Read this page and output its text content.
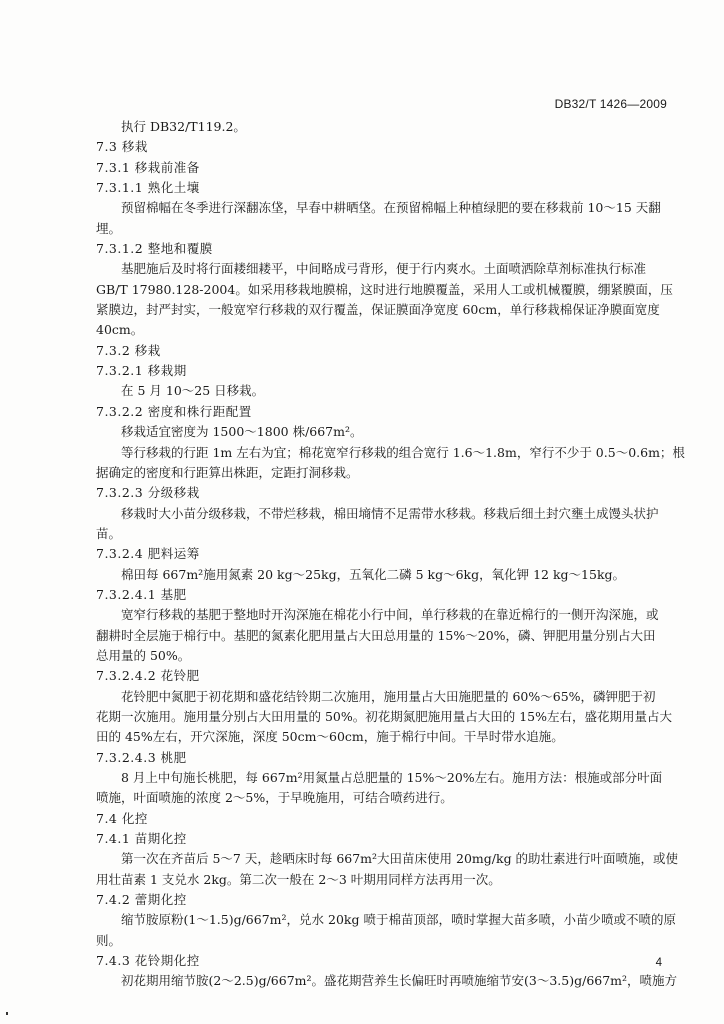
DB32/T 1426—2009
执行 DB32/T119.2。
7.3 移栽
7.3.1 移栽前准备
7.3.1.1 熟化土壤
预留棉幅在冬季进行深翻冻垡，早春中耕晒垡。在预留棉幅上种植绿肥的要在移栽前 10～15 天翻
埋。
7.3.1.2 整地和覆膜
基肥施后及时将行面耧细耧平，中间略成弓背形，便于行内爽水。土面喷洒除草剂标准执行标准
GB/T 17980.128-2004。如采用移栽地膜棉，这时进行地膜覆盖，采用人工或机械覆膜，绷紧膜面，压
紧膜边，封严封实，一般宽窄行移栽的双行覆盖，保证膜面净宽度 60cm，单行移栽棉保证净膜面宽度
40cm。
7.3.2 移栽
7.3.2.1 移栽期
在 5 月 10～25 日移栽。
7.3.2.2 密度和株行距配置
移栽适宜密度为 1500～1800 株/667m²。
等行移栽的行距 1m 左右为宜；棉花宽窄行移栽的组合宽行 1.6～1.8m，窄行不少于 0.5～0.6m；根
据确定的密度和行距算出株距，定距打洞移栽。
7.3.2.3 分级移栽
移栽时大小苗分级移栽，不带烂移栽，棉田墒情不足需带水移栽。移栽后细土封穴壅土成馒头状护
苗。
7.3.2.4 肥料运筹
棉田每 667m²施用氮素 20 kg～25kg，五氧化二磷 5 kg～6kg，氧化钾 12 kg～15kg。
7.3.2.4.1 基肥
宽窄行移栽的基肥于整地时开沟深施在棉花小行中间，单行移栽的在靠近棉行的一侧开沟深施，或
翻耕时全层施于棉行中。基肥的氮素化肥用量占大田总用量的 15%～20%，磷、钾肥用量分别占大田
总用量的 50%。
7.3.2.4.2 花铃肥
花铃肥中氮肥于初花期和盛花结铃期二次施用，施用量占大田施肥量的 60%～65%，磷钾肥于初
花期一次施用。施用量分别占大田用量的 50%。初花期氮肥施用量占大田的 15%左右，盛花期用量占大
田的 45%左右，开穴深施，深度 50cm～60cm，施于棉行中间。干旱时带水追施。
7.3.2.4.3 桃肥
8 月上中旬施长桃肥，每 667m²用氮量占总肥量的 15%～20%左右。施用方法：根施或部分叶面
喷施，叶面喷施的浓度 2～5%，于早晚施用，可结合喷药进行。
7.4 化控
7.4.1 苗期化控
第一次在齐苗后 5～7 天，趁晒床时每 667m²大田苗床使用 20mg/kg 的助壮素进行叶面喷施，或使
用壮苗素 1 支兑水 2kg。第二次一般在 2～3 叶期用同样方法再用一次。
7.4.2 蕾期化控
缩节胺原粉(1～1.5)g/667m²，兑水 20kg 喷于棉苗顶部，喷时掌握大苗多喷，小苗少喷或不喷的原
则。
7.4.3 花铃期化控
初花期用缩节胺(2～2.5)g/667m²。盛花期营养生长偏旺时再喷施缩节安(3～3.5)g/667m²，喷施方
4
